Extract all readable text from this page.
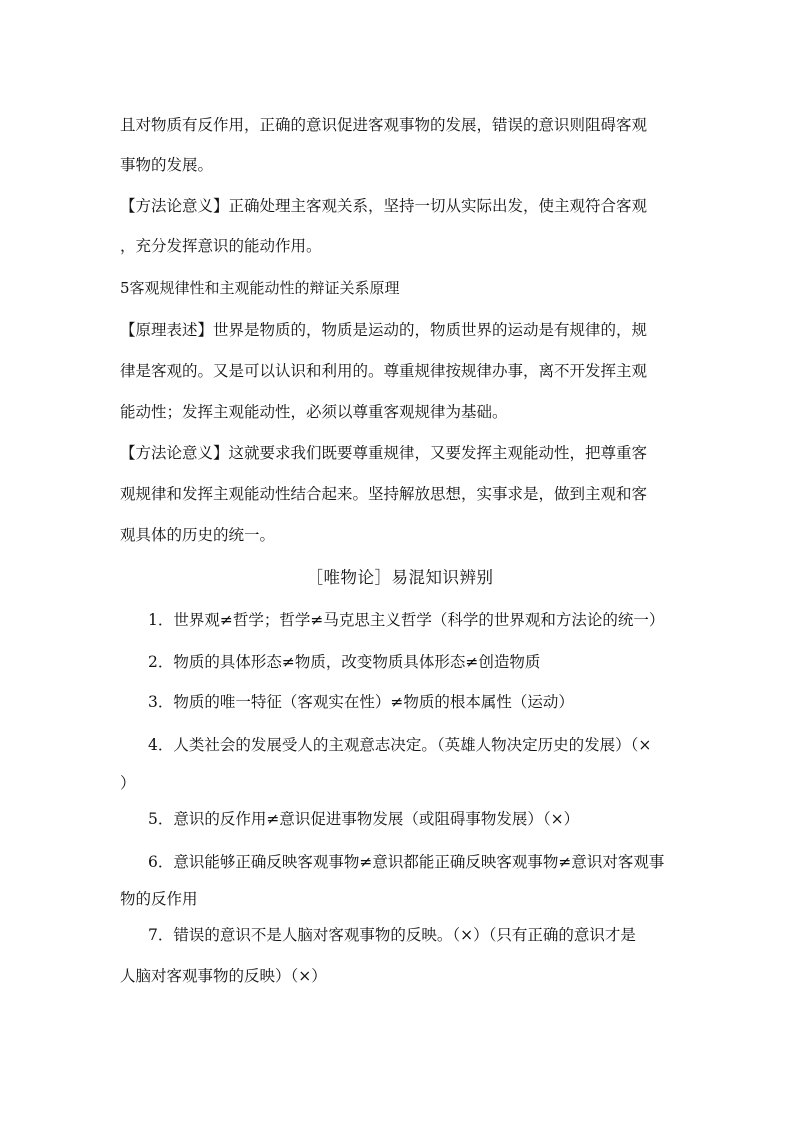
且对物质有反作用，正确的意识促进客观事物的发展，错误的意识则阻碍客观
事物的发展。
【方法论意义】正确处理主客观关系，坚持一切从实际出发，使主观符合客观
，充分发挥意识的能动作用。
5客观规律性和主观能动性的辩证关系原理
【原理表述】世界是物质的，物质是运动的，物质世界的运动是有规律的，规
律是客观的。又是可以认识和利用的。尊重规律按规律办事，离不开发挥主观
能动性；发挥主观能动性，必须以尊重客观规律为基础。
【方法论意义】这就要求我们既要尊重规律，又要发挥主观能动性，把尊重客
观规律和发挥主观能动性结合起来。坚持解放思想，实事求是，做到主观和客
观具体的历史的统一。
［唯物论］易混知识辨别
1．世界观≠哲学；哲学≠马克思主义哲学（科学的世界观和方法论的统一）
2．物质的具体形态≠物质，改变物质具体形态≠创造物质
3．物质的唯一特征（客观实在性）≠物质的根本属性（运动）
4．人类社会的发展受人的主观意志决定。（英雄人物决定历史的发展）（×
）
5．意识的反作用≠意识促进事物发展（或阻碍事物发展）（×）
6．意识能够正确反映客观事物≠意识都能正确反映客观事物≠意识对客观事
物的反作用
7．错误的意识不是人脑对客观事物的反映。（×）（只有正确的意识才是
人脑对客观事物的反映）（×）
